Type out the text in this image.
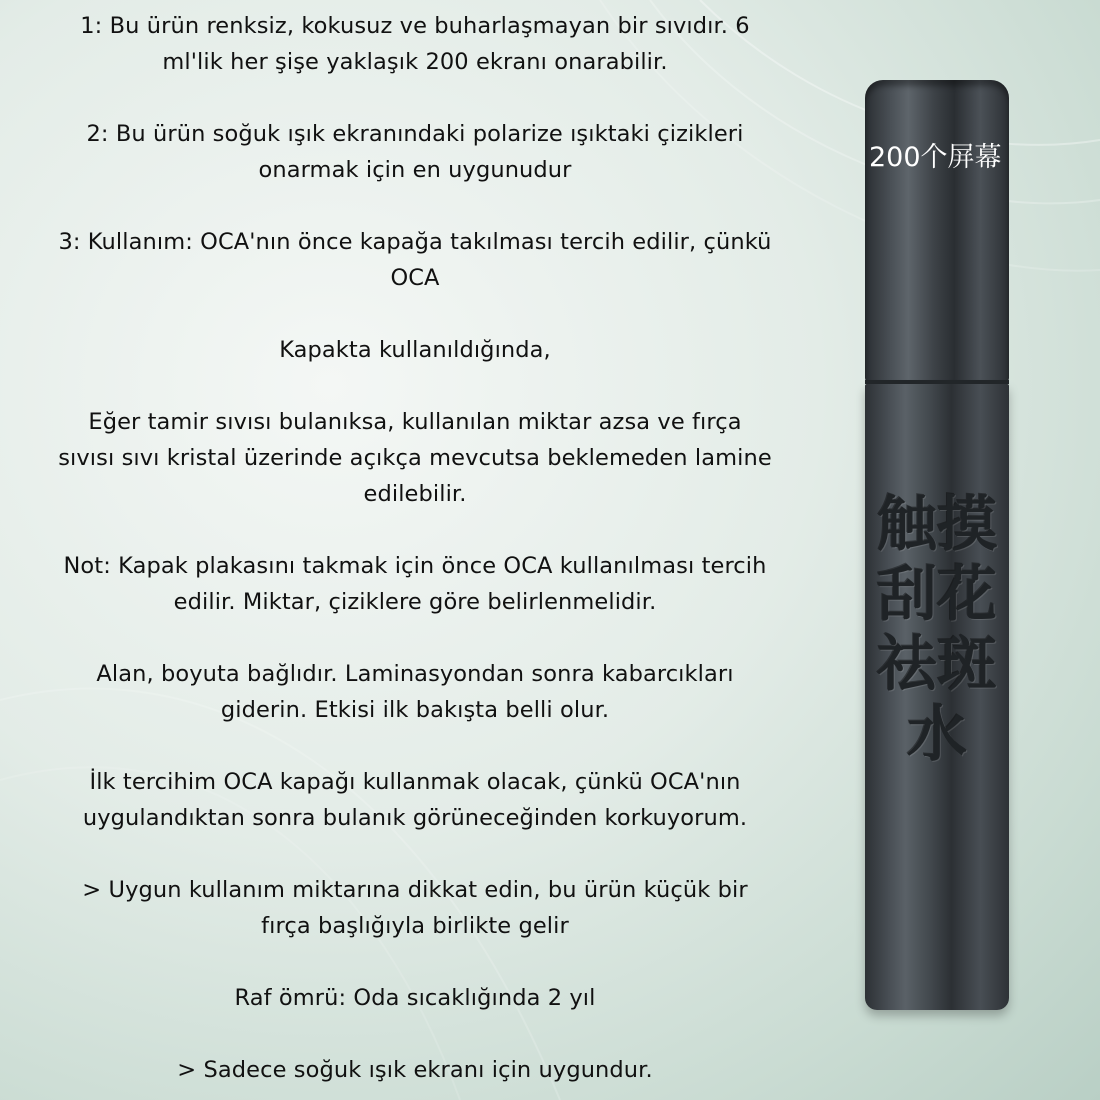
1: Bu ürün renksiz, kokusuz ve buharlaşmayan bir sıvıdır. 6
ml'lik her şişe yaklaşık 200 ekranı onarabilir.

2: Bu ürün soğuk ışık ekranındaki polarize ışıktaki çizikleri
onarmak için en uygunudur

3: Kullanım: OCA'nın önce kapağa takılması tercih edilir, çünkü
OCA

Kapakta kullanıldığında,

Eğer tamir sıvısı bulanıksa, kullanılan miktar azsa ve fırça
sıvısı sıvı kristal üzerinde açıkça mevcutsa beklemeden lamine
edilebilir.

Not: Kapak plakasını takmak için önce OCA kullanılması tercih
edilir. Miktar, çiziklere göre belirlenmelidir.

Alan, boyuta bağlıdır. Laminasyondan sonra kabarcıkları
giderin. Etkisi ilk bakışta belli olur.

İlk tercihim OCA kapağı kullanmak olacak, çünkü OCA'nın
uygulandıktan sonra bulanık görüneceğinden korkuyorum.

> Uygun kullanım miktarına dikkat edin, bu ürün küçük bir
fırça başlığıyla birlikte gelir

Raf ömrü: Oda sıcaklığında 2 yıl

> Sadece soğuk ışık ekranı için uygundur.

200个屏幕
触摸刮花祛斑水
